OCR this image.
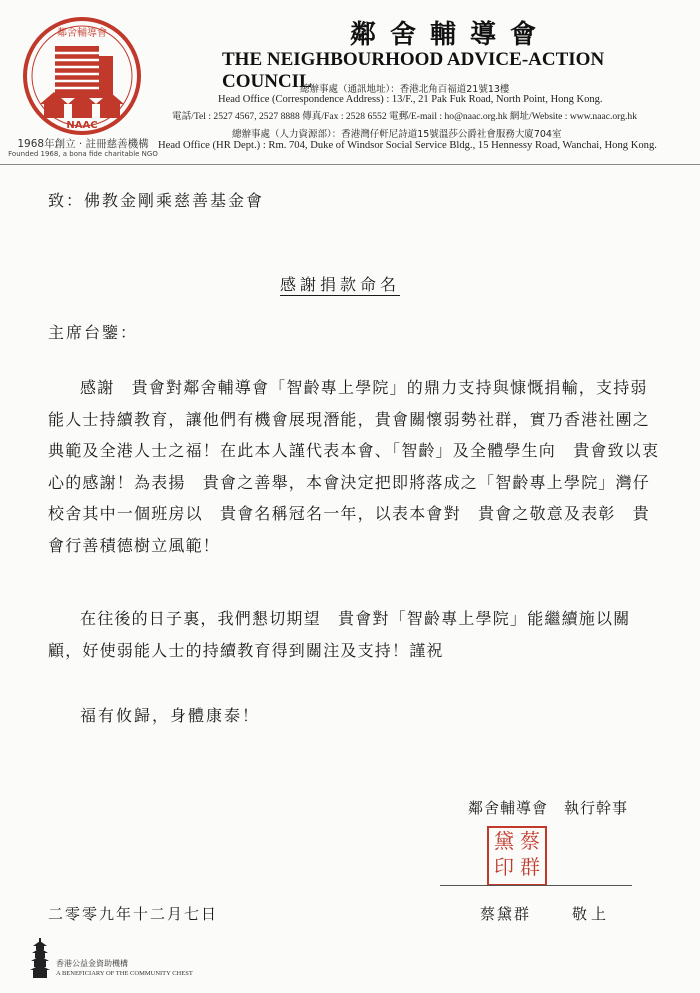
鄰舍輔導會
NAAC
1968年創立 · 註冊慈善機構
Founded 1968, a bona fide charitable NGO
鄰舍輔導會
THE NEIGHBOURHOOD ADVICE-ACTION COUNCIL
總辦事處（通訊地址）：香港北角百福道21號13樓
Head Office (Correspondence Address) : 13/F., 21 Pak Fuk Road, North Point, Hong Kong.
電話/Tel : 2527 4567, 2527 8888 傳真/Fax : 2528 6552 電郵/E-mail : ho@naac.org.hk 網址/Website : www.naac.org.hk
總辦事處（人力資源部）：香港灣仔軒尼詩道15號溫莎公爵社會服務大廈704室
Head Office (HR Dept.) : Rm. 704, Duke of Windsor Social Service Bldg., 15 Hennessy Road, Wanchai, Hong Kong.
致：佛教金剛乘慈善基金會
感謝捐款命名
主席台鑒：
感謝　貴會對鄰舍輔導會「智齡專上學院」的鼎力支持與慷慨捐輸，支持弱能人士持續教育，讓他們有機會展現潛能，貴會關懷弱勢社群，實乃香港社團之典範及全港人士之福！在此本人謹代表本會、「智齡」及全體學生向　貴會致以衷心的感謝！為表揚　貴會之善舉，本會決定把即將落成之「智齡專上學院」灣仔校舍其中一個班房以　貴會名稱冠名一年，以表本會對　貴會之敬意及表彰　貴會行善積德樹立風範！
在往後的日子裏，我們懇切期望　貴會對「智齡專上學院」能繼續施以關顧，好使弱能人士的持續教育得到關注及支持！謹祝
福有攸歸，身體康泰！
鄰舍輔導會　執行幹事
黛 蔡印 群
二零零九年十二月七日	蔡黛群	敬上
香港公益金資助機構
A BENEFICIARY OF THE COMMUNITY CHEST
